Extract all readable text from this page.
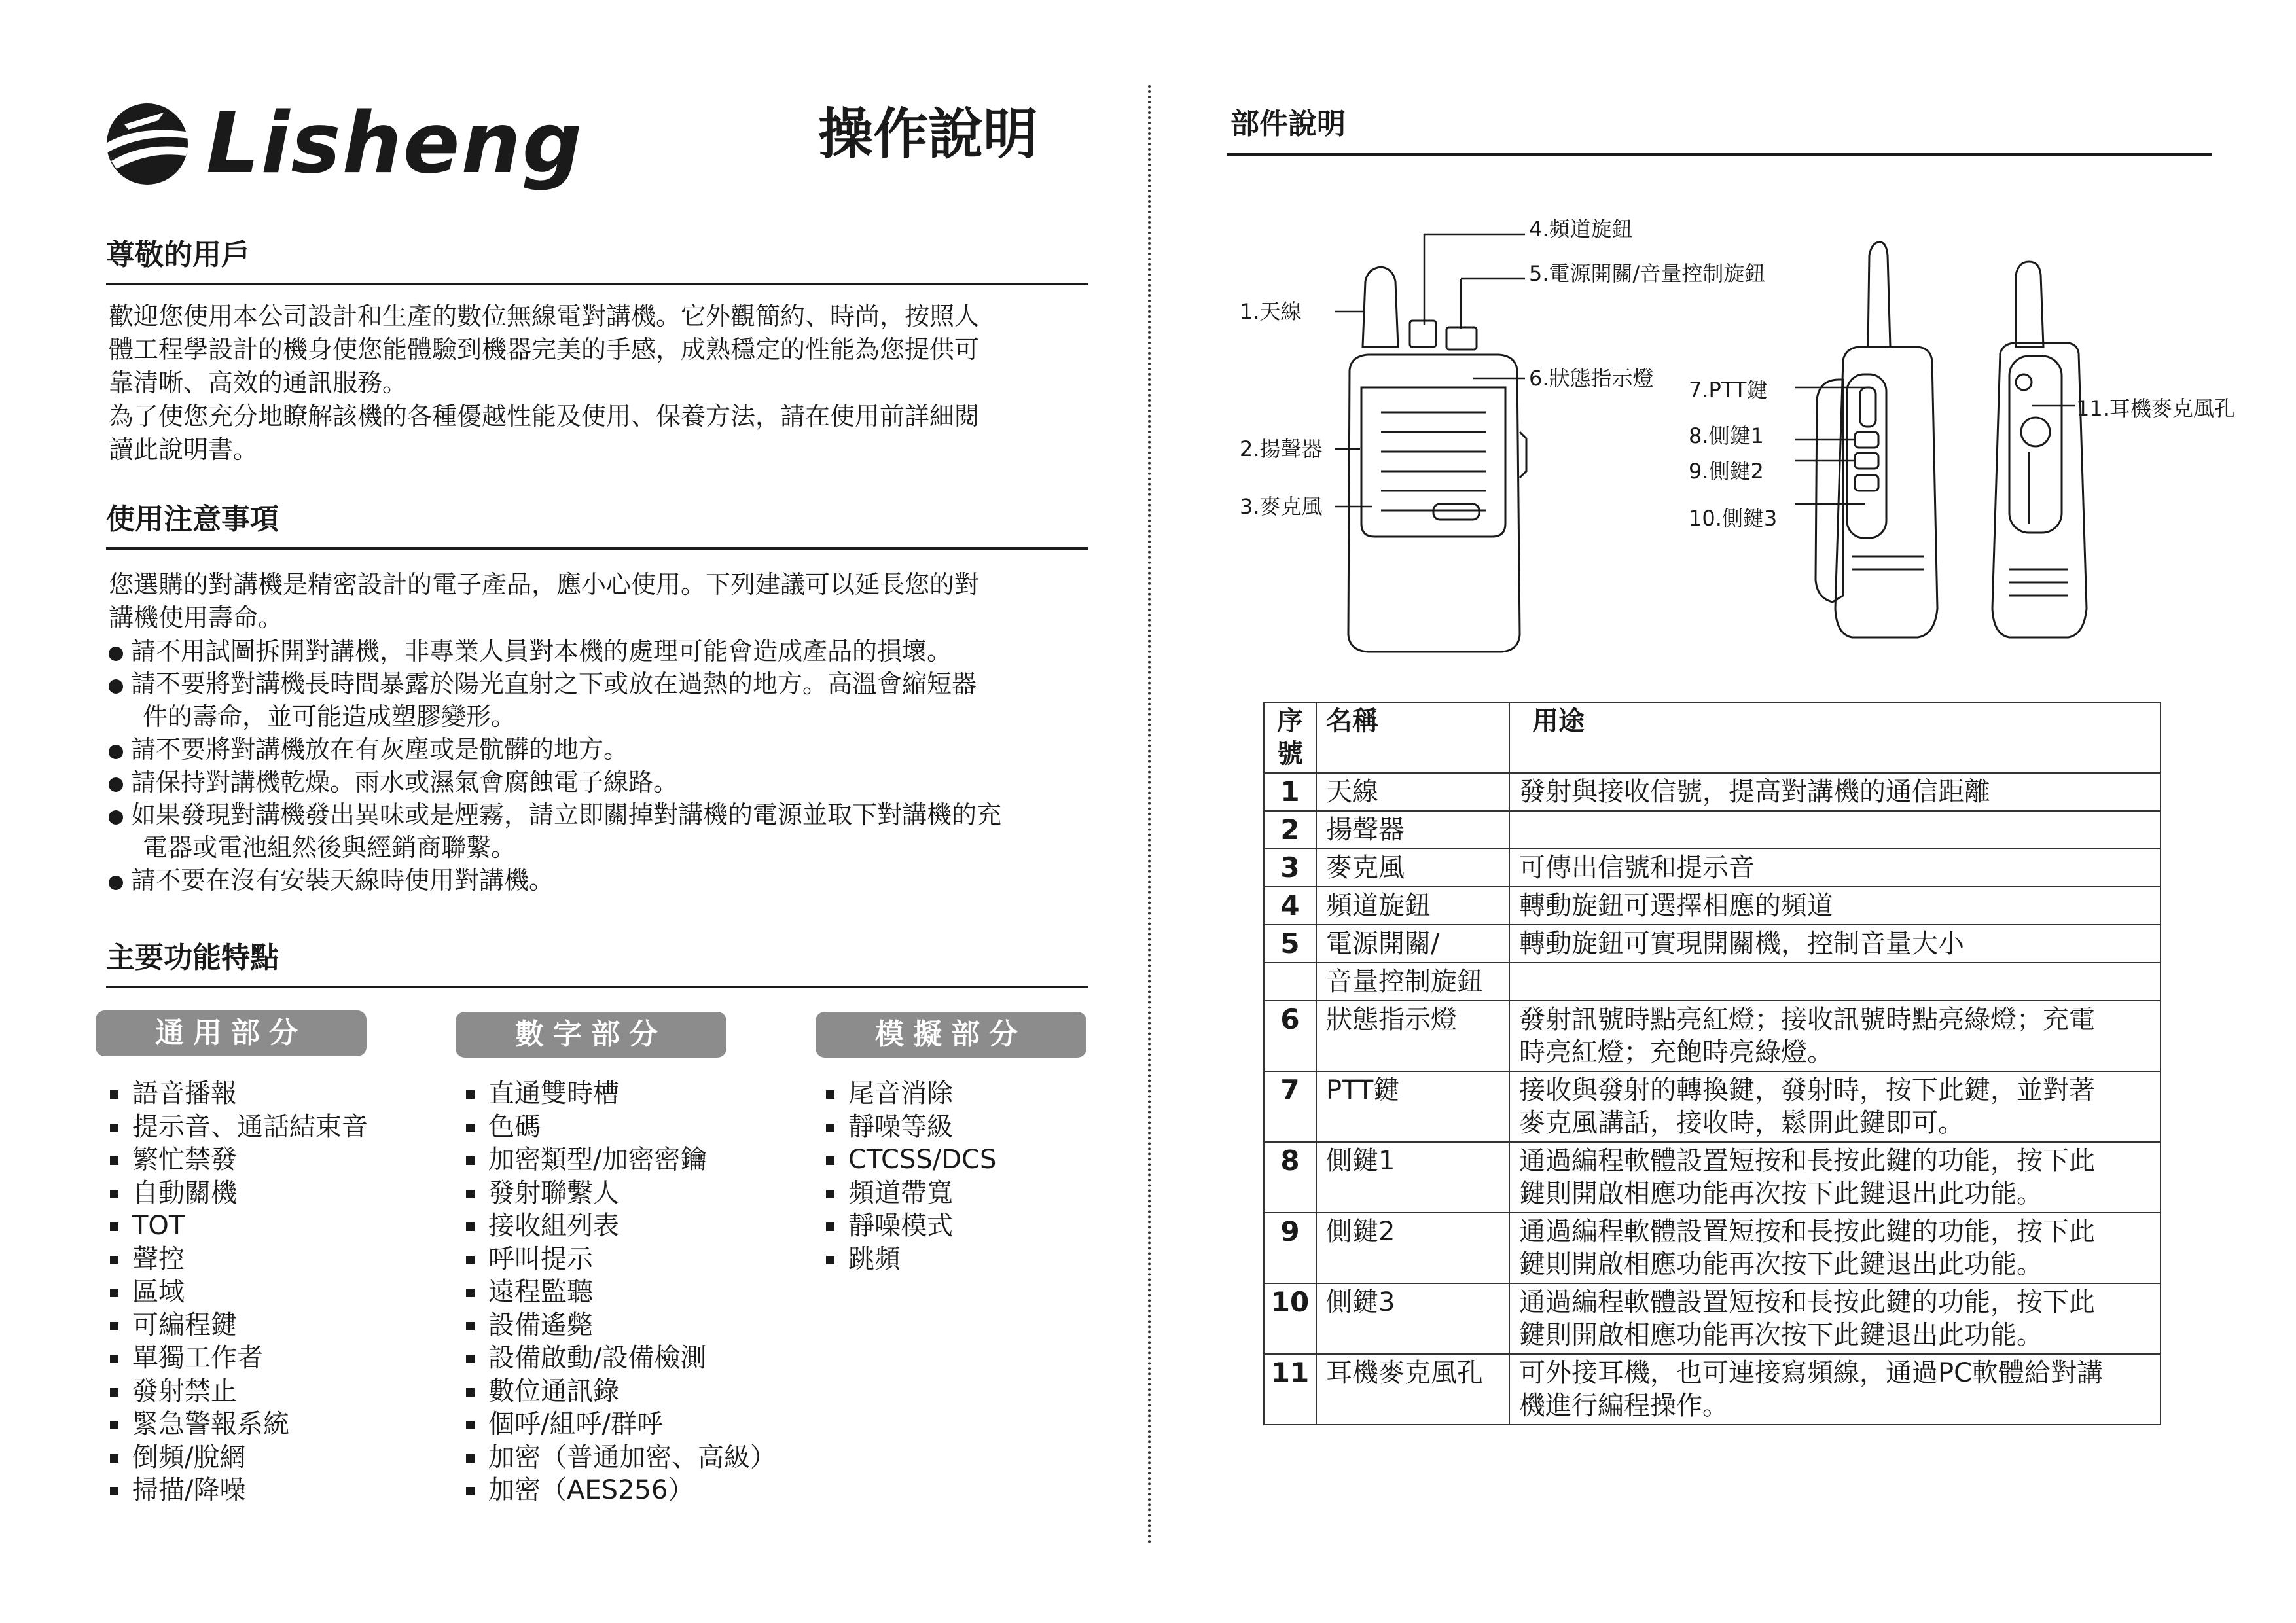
Lisheng	操作說明
尊敬的用戶

歡迎您使用本公司設計和生產的數位無線電對講機。它外觀簡約、時尚，按照人

體工程學設計的機身使您能體驗到機器完美的手感，成熟穩定的性能為您提供可

靠清晰、高效的通訊服務。

為了使您充分地瞭解該機的各種優越性能及使用、保養方法，請在使用前詳細閱

讀此說明書。

使用注意事項

您選購的對講機是精密設計的電子產品，應小心使用。下列建議可以延長您的對

講機使用壽命。

請不用試圖拆開對講機，非專業人員對本機的處理可能會造成產品的損壞。
請不要將對講機長時間暴露於陽光直射之下或放在過熱的地方。高溫會縮短器
件的壽命，並可能造成塑膠變形。
請不要將對講機放在有灰塵或是骯髒的地方。
請保持對講機乾燥。雨水或濕氣會腐蝕電子線路。
如果發現對講機發出異味或是煙霧，請立即關掉對講機的電源並取下對講機的充
電器或電池組然後與經銷商聯繫。
請不要在沒有安裝天線時使用對講機。
主要功能特點
通用部分	數字部分	模擬部分
語音播報
提示音、通話結束音
繁忙禁發
自動關機
TOT
聲控
區域
可編程鍵
單獨工作者
發射禁止
緊急警報系統
倒頻/脫網
掃描/降噪
直通雙時槽
色碼
加密類型/加密密鑰
發射聯繫人
接收組列表
呼叫提示
遠程監聽
設備遙斃
設備啟動/設備檢測
數位通訊錄
個呼/組呼/群呼
加密（普通加密、高級）
加密（AES256）
尾音消除
靜噪等級
CTCSS/DCS
頻道帶寬
靜噪模式
跳頻
部件說明
1.天線
2.揚聲器
3.麥克風
4.頻道旋鈕
5.電源開關/音量控制旋鈕
6.狀態指示燈 7.PTT鍵
8.側鍵1
9.側鍵2
10.側鍵3
11.耳機麥克風孔
序號	名稱	用途
1	天線	發射與接收信號，提高對講機的通信距離
2	揚聲器	
3	麥克風	可傳出信號和提示音
4	頻道旋鈕	轉動旋鈕可選擇相應的頻道
5	電源開關/	轉動旋鈕可實現開關機，控制音量大小
	音量控制旋鈕	
6	狀態指示燈	發射訊號時點亮紅燈；接收訊號時點亮綠燈；充電
時亮紅燈；充飽時亮綠燈。

7	PTT鍵	接收與發射的轉換鍵，發射時，按下此鍵，並對著
麥克風講話，接收時，鬆開此鍵即可。

8	側鍵1	通過編程軟體設置短按和長按此鍵的功能，按下此
鍵則開啟相應功能再次按下此鍵退出此功能。

9	側鍵2	通過編程軟體設置短按和長按此鍵的功能，按下此
鍵則開啟相應功能再次按下此鍵退出此功能。

10	側鍵3	通過編程軟體設置短按和長按此鍵的功能，按下此
鍵則開啟相應功能再次按下此鍵退出此功能。

11	耳機麥克風孔	可外接耳機，也可連接寫頻線，通過PC軟體給對講
機進行編程操作。
